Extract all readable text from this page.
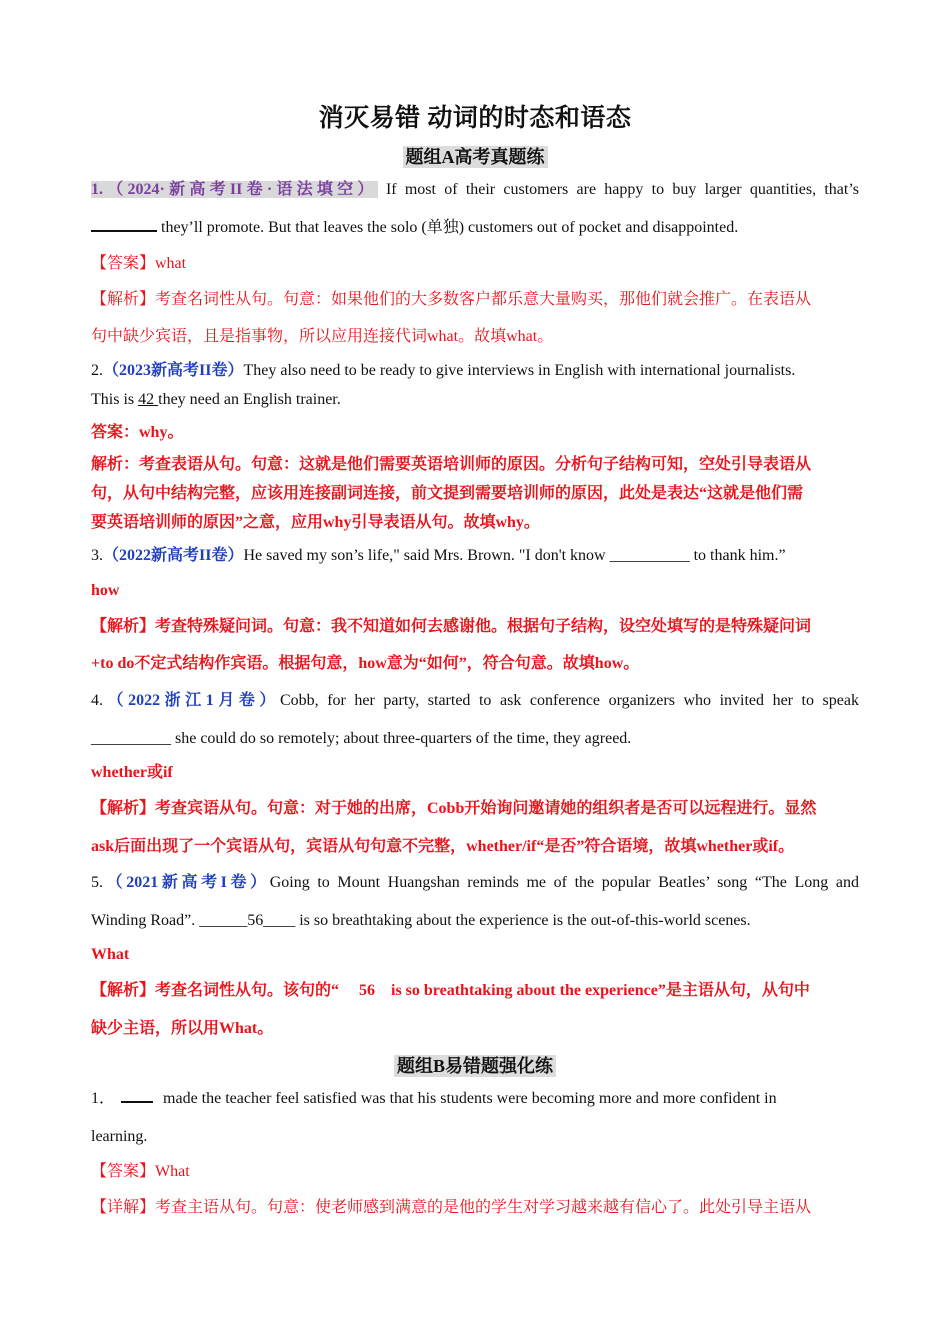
消灭易错 动词的时态和语态
题组A高考真题练
1.（2024·新高考II卷·语法填空） If most of their customers are happy to buy larger quantities, that’s
they’ll promote. But that leaves the solo (单独) customers out of pocket and disappointed.
【答案】what
【解析】考查名词性从句。句意：如果他们的大多数客户都乐意大量购买，那他们就会推广。在表语从
句中缺少宾语，且是指事物，所以应用连接代词what。故填what。
2.（2023新高考II卷）They also need to be ready to give interviews in English with international journalists.
This is 42 they need an English trainer.
答案：why。
解析：考查表语从句。句意：这就是他们需要英语培训师的原因。分析句子结构可知，空处引导表语从
句，从句中结构完整，应该用连接副词连接，前文提到需要培训师的原因，此处是表达“这就是他们需
要英语培训师的原因”之意，应用why引导表语从句。故填why。
3.（2022新高考II卷）He saved my son’s life," said Mrs. Brown. "I don't know __________ to thank him.”
how
【解析】考查特殊疑问词。句意：我不知道如何去感谢他。根据句子结构，设空处填写的是特殊疑问词
+to do不定式结构作宾语。根据句意，how意为“如何”，符合句意。故填how。
4.（2022浙江1月卷）Cobb, for her party, started to ask conference organizers who invited her to speak
__________ she could do so remotely; about three-quarters of the time, they agreed.
whether或if
【解析】考查宾语从句。句意：对于她的出席，Cobb开始询问邀请她的组织者是否可以远程进行。显然
ask后面出现了一个宾语从句，宾语从句句意不完整，whether/if“是否”符合语境，故填whether或if。
5.（2021新高考I卷）Going to Mount Huangshan reminds me of the popular Beatles’ song “The Long and
Winding Road”. ______56____ is so breathtaking about the experience is the out-of-this-world scenes.
What
【解析】考查名词性从句。该句的“　 56　is so breathtaking about the experience”是主语从句，从句中
缺少主语，所以用What。
题组B易错题强化练
1．	made the teacher feel satisfied was that his students were becoming more and more confident in
learning.
【答案】What
【详解】考查主语从句。句意：使老师感到满意的是他的学生对学习越来越有信心了。此处引导主语从
